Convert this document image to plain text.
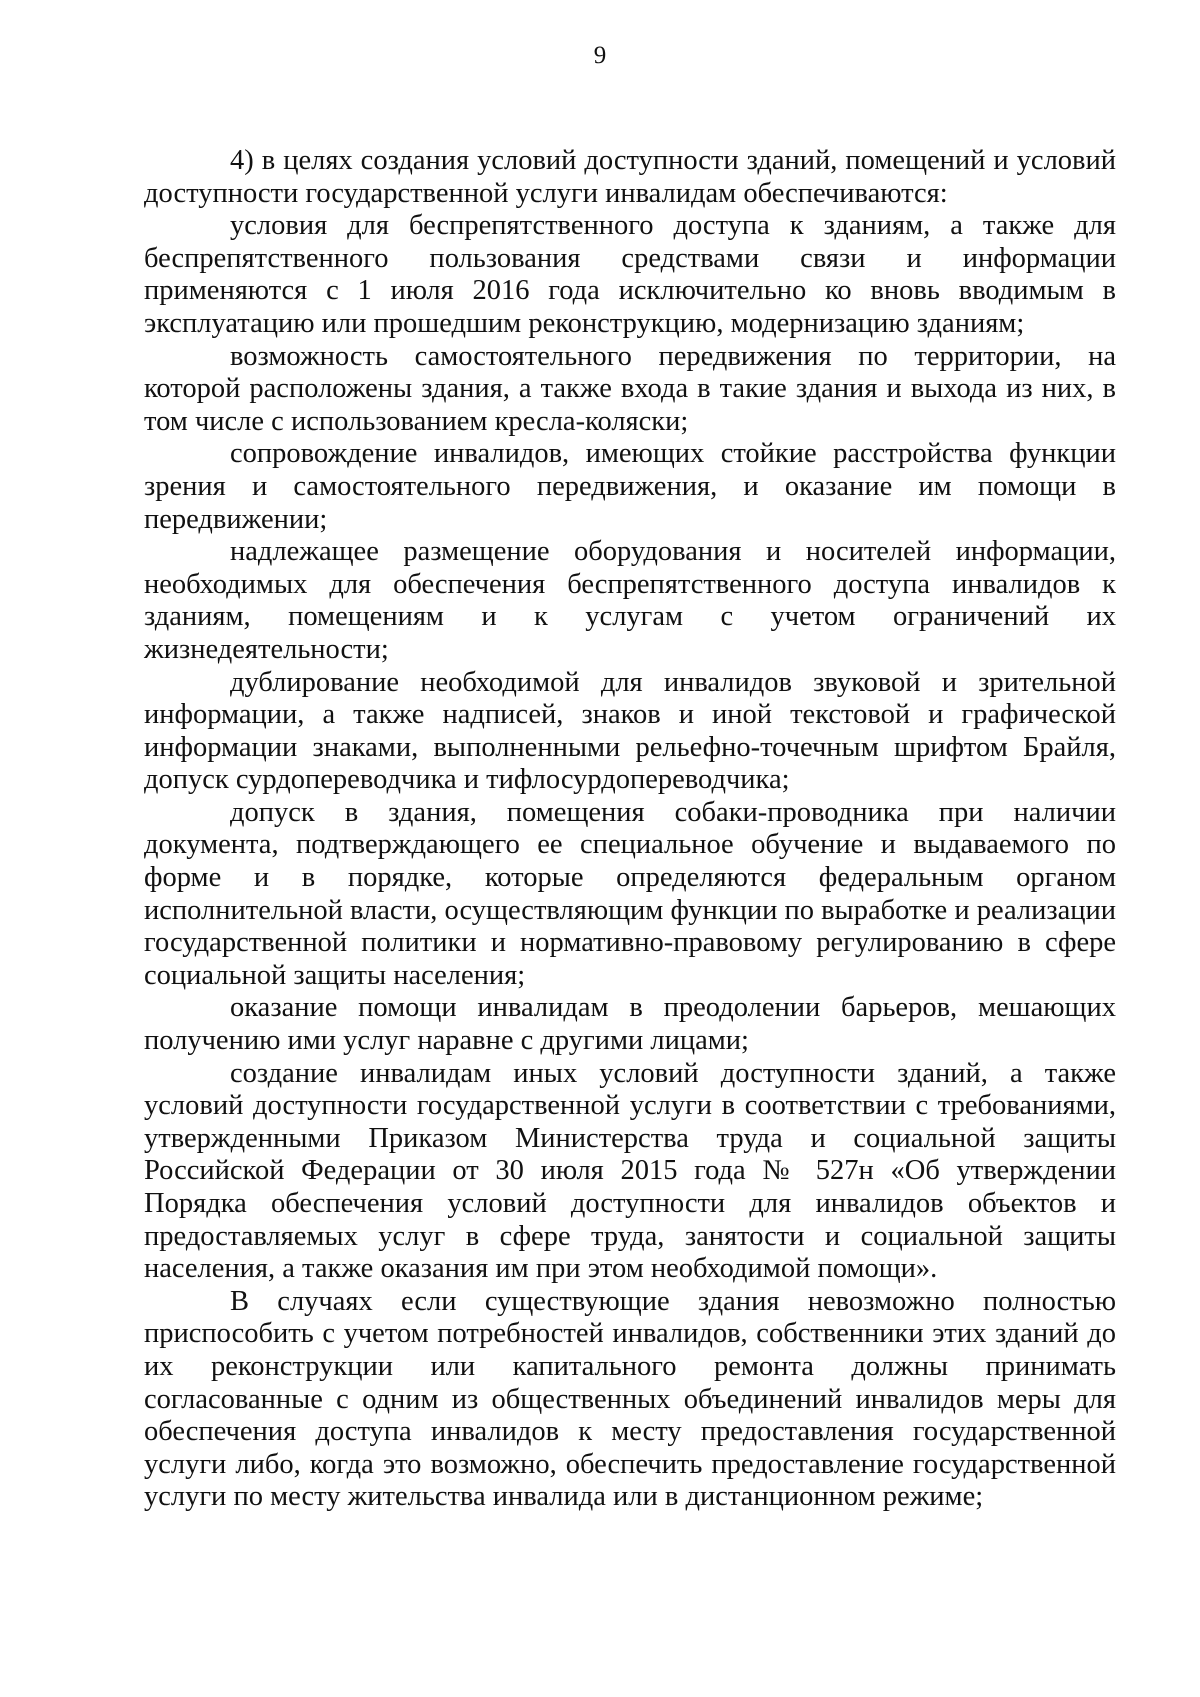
9

4) в целях создания условий доступности зданий, помещений и условий доступности государственной услуги инвалидам обеспечиваются:

условия для беспрепятственного доступа к зданиям, а также для беспрепятственного пользования средствами связи и информации применяются с 1 июля 2016 года исключительно ко вновь вводимым в эксплуатацию или прошедшим реконструкцию, модернизацию зданиям;

возможность самостоятельного передвижения по территории, на которой расположены здания, а также входа в такие здания и выхода из них, в том числе с использованием кресла-коляски;

сопровождение инвалидов, имеющих стойкие расстройства функции зрения и самостоятельного передвижения, и оказание им помощи в передвижении;

надлежащее размещение оборудования и носителей информации, необходимых для обеспечения беспрепятственного доступа инвалидов к зданиям, помещениям и к услугам с учетом ограничений их жизнедеятельности;

дублирование необходимой для инвалидов звуковой и зрительной информации, а также надписей, знаков и иной текстовой и графической информации знаками, выполненными рельефно-точечным шрифтом Брайля, допуск сурдопереводчика и тифлосурдопереводчика;

допуск в здания, помещения собаки-проводника при наличии документа, подтверждающего ее специальное обучение и выдаваемого по форме и в порядке, которые определяются федеральным органом исполнительной власти, осуществляющим функции по выработке и реализации государственной политики и нормативно-правовому регулированию в сфере социальной защиты населения;

оказание помощи инвалидам в преодолении барьеров, мешающих получению ими услуг наравне с другими лицами;

создание инвалидам иных условий доступности зданий, а также условий доступности государственной услуги в соответствии с требованиями, утвержденными Приказом Министерства труда и социальной защиты Российской Федерации от 30 июля 2015 года № 527н «Об утверждении Порядка обеспечения условий доступности для инвалидов объектов и предоставляемых услуг в сфере труда, занятости и социальной защиты населения, а также оказания им при этом необходимой помощи».

В случаях если существующие здания невозможно полностью приспособить с учетом потребностей инвалидов, собственники этих зданий до их реконструкции или капитального ремонта должны принимать согласованные с одним из общественных объединений инвалидов меры для обеспечения доступа инвалидов к месту предоставления государственной услуги либо, когда это возможно, обеспечить предоставление государственной услуги по месту жительства инвалида или в дистанционном режиме;
